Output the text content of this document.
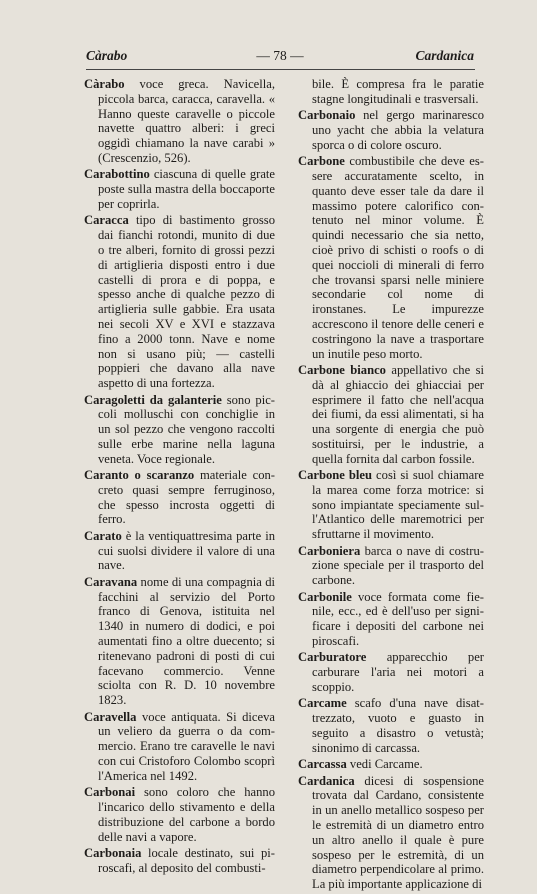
Càrabo	— 78 —	Cardanica

Càrabo voce greca. Navicella, piccola barca, caracca, caravella. « Hanno queste caravelle o piccole navette quattro alberi: i greci oggidì chiamano la nave carabi » (Crescenzio, 526).

Carabottino ciascuna di quelle grate poste sulla mastra della boccaporte per coprirla.

Caracca tipo di bastimento grosso dai fianchi rotondi, munito di due o tre alberi, fornito di grossi pezzi di artiglieria disposti entro i due castelli di prora e di poppa, e spesso anche di qualche pezzo di artiglieria sulle gabbie. Era usata nei secoli XV e XVI e stazzava fino a 2000 tonn. Nave e nome non si usano più; — castelli poppieri che davano alla nave aspetto di una fortezza.

Caragoletti da galanterie sono piccoli molluschi con conchiglie in un sol pezzo che vengono raccolti sulle erbe marine nella laguna veneta. Voce regionale.

Caranto o scaranzo materiale concreto quasi sempre ferruginoso, che spesso incrosta oggetti di ferro.

Carato è la ventiquattresima parte in cui suolsi dividere il valore di una nave.

Caravana nome di una compagnia di facchini al servizio del Porto franco di Genova, istituita nel 1340 in numero di dodici, e poi aumentati fino a oltre duecento; si ritenevano padroni di posti di cui facevano commercio. Venne sciolta con R. D. 10 novembre 1823.

Caravella voce antiquata. Si diceva un veliero da guerra o da commercio. Erano tre caravelle le navi con cui Cristoforo Colombo scoprì l'America nel 1492.

Carbonai sono coloro che hanno l'incarico dello stivamento e della distribuzione del carbone a bordo delle navi a vapore.

Carbonaia locale destinato, sui piroscafi, al deposito del combusti-

bile. È compresa fra le paratie stagne longitudinali e trasversali.

Carbonaio nel gergo marinaresco uno yacht che abbia la velatura sporca o di colore oscuro.

Carbone combustibile che deve essere accuratamente scelto, in quanto deve esser tale da dare il massimo potere calorifico contenuto nel minor volume. È quindi necessario che sia netto, cioè privo di schisti o roofs o di quei noccioli di minerali di ferro che trovansi sparsi nelle miniere secondarie col nome di ironstanes. Le impurezze accrescono il tenore delle ceneri e costringono la nave a trasportare un inutile peso morto.

Carbone bianco appellativo che si dà al ghiaccio dei ghiacciai per esprimere il fatto che nell'acqua dei fiumi, da essi alimentati, si ha una sorgente di energia che può sostituirsi, per le industrie, a quella fornita dal carbon fossile.

Carbone bleu così si suol chiamare la marea come forza motrice: si sono impiantate speciamente sull'Atlantico delle maremotrici per sfruttarne il movimento.

Carboniera barca o nave di costruzione speciale per il trasporto del carbone.

Carbonile voce formata come fienile, ecc., ed è dell'uso per significare i depositi del carbone nei piroscafi.

Carburatore apparecchio per carburare l'aria nei motori a scoppio.

Carcame scafo d'una nave disattrezzato, vuoto e guasto in seguito a disastro o vetustà; sinonimo di carcassa.

Carcassa vedi Carcame.

Cardanica dicesi di sospensione trovata dal Cardano, consistente in un anello metallico sospeso per le estremità di un diametro entro un altro anello il quale è pure sospeso per le estremità, di un diametro perpendicolare al primo. La più importante applicazione di
